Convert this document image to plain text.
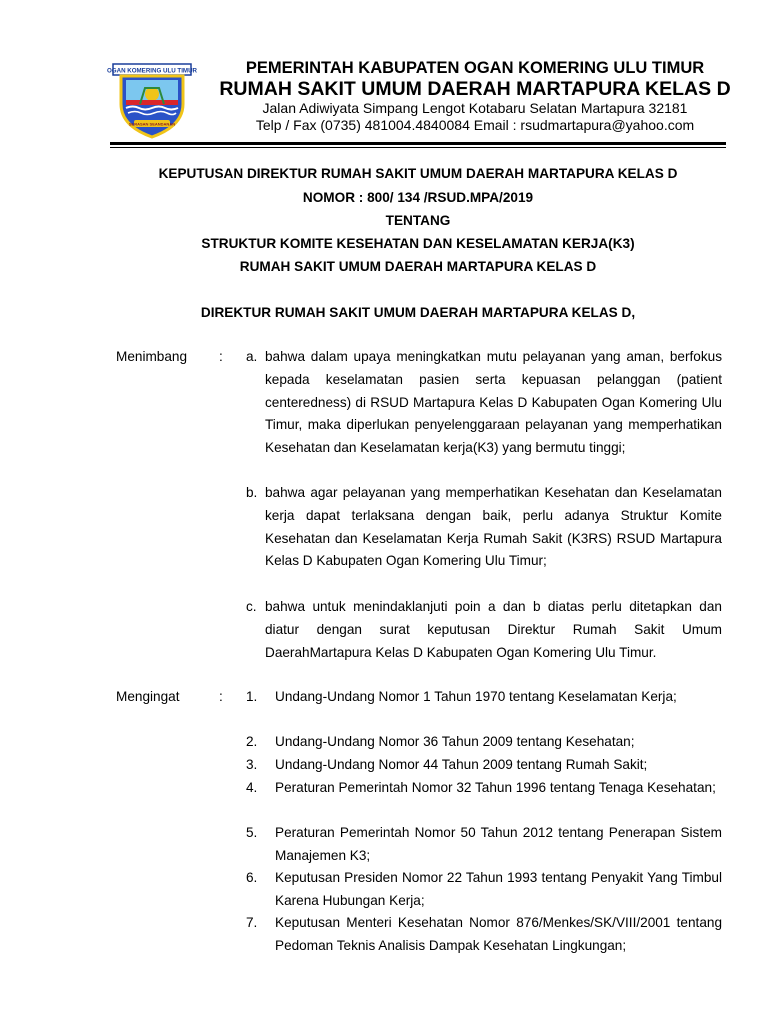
OGAN KOMERING ULU TIMUR
SERASAN SEANDANAN
PEMERINTAH KABUPATEN OGAN KOMERING ULU TIMUR
RUMAH SAKIT UMUM DAERAH MARTAPURA KELAS D
Jalan Adiwiyata Simpang Lengot Kotabaru Selatan Martapura 32181
Telp / Fax (0735) 481004.4840084 Email : rsudmartapura@yahoo.com
KEPUTUSAN DIREKTUR RUMAH SAKIT UMUM DAERAH MARTAPURA KELAS D
NOMOR : 800/ 134 /RSUD.MPA/2019
TENTANG
STRUKTUR KOMITE KESEHATAN DAN KESELAMATAN KERJA(K3)
RUMAH SAKIT UMUM DAERAH MARTAPURA KELAS D
DIREKTUR RUMAH SAKIT UMUM DAERAH MARTAPURA KELAS D,
Menimbang : a. bahwa dalam upaya meningkatkan mutu pelayanan yang aman, berfokus kepada keselamatan pasien serta kepuasan pelanggan (patient centeredness) di RSUD Martapura Kelas D Kabupaten Ogan Komering Ulu Timur, maka diperlukan penyelenggaraan pelayanan yang memperhatikan Kesehatan dan Keselamatan kerja(K3) yang bermutu tinggi;

b. bahwa agar pelayanan yang memperhatikan Kesehatan dan Keselamatan kerja dapat terlaksana dengan baik, perlu adanya Struktur Komite Kesehatan dan Keselamatan Kerja Rumah Sakit (K3RS) RSUD Martapura Kelas D Kabupaten Ogan Komering Ulu Timur;

c. bahwa untuk menindaklanjuti poin a dan b diatas perlu ditetapkan dan diatur dengan surat keputusan Direktur Rumah Sakit Umum DaerahMartapura Kelas D Kabupaten Ogan Komering Ulu Timur.

Mengingat	: 1. Undang-Undang Nomor 1 Tahun 1970 tentang Keselamatan Kerja;

2. Undang-Undang Nomor 36 Tahun 2009 tentang Kesehatan;

3. Undang-Undang Nomor 44 Tahun 2009 tentang Rumah Sakit;

4. Peraturan Pemerintah Nomor 32 Tahun 1996 tentang Tenaga Kesehatan;

5. Peraturan Pemerintah Nomor 50 Tahun 2012 tentang Penerapan Sistem Manajemen K3;

6. Keputusan Presiden Nomor 22 Tahun 1993 tentang Penyakit Yang Timbul Karena Hubungan Kerja;

7. Keputusan Menteri Kesehatan Nomor 876/Menkes/SK/VIII/2001 tentang Pedoman Teknis Analisis Dampak Kesehatan Lingkungan;
